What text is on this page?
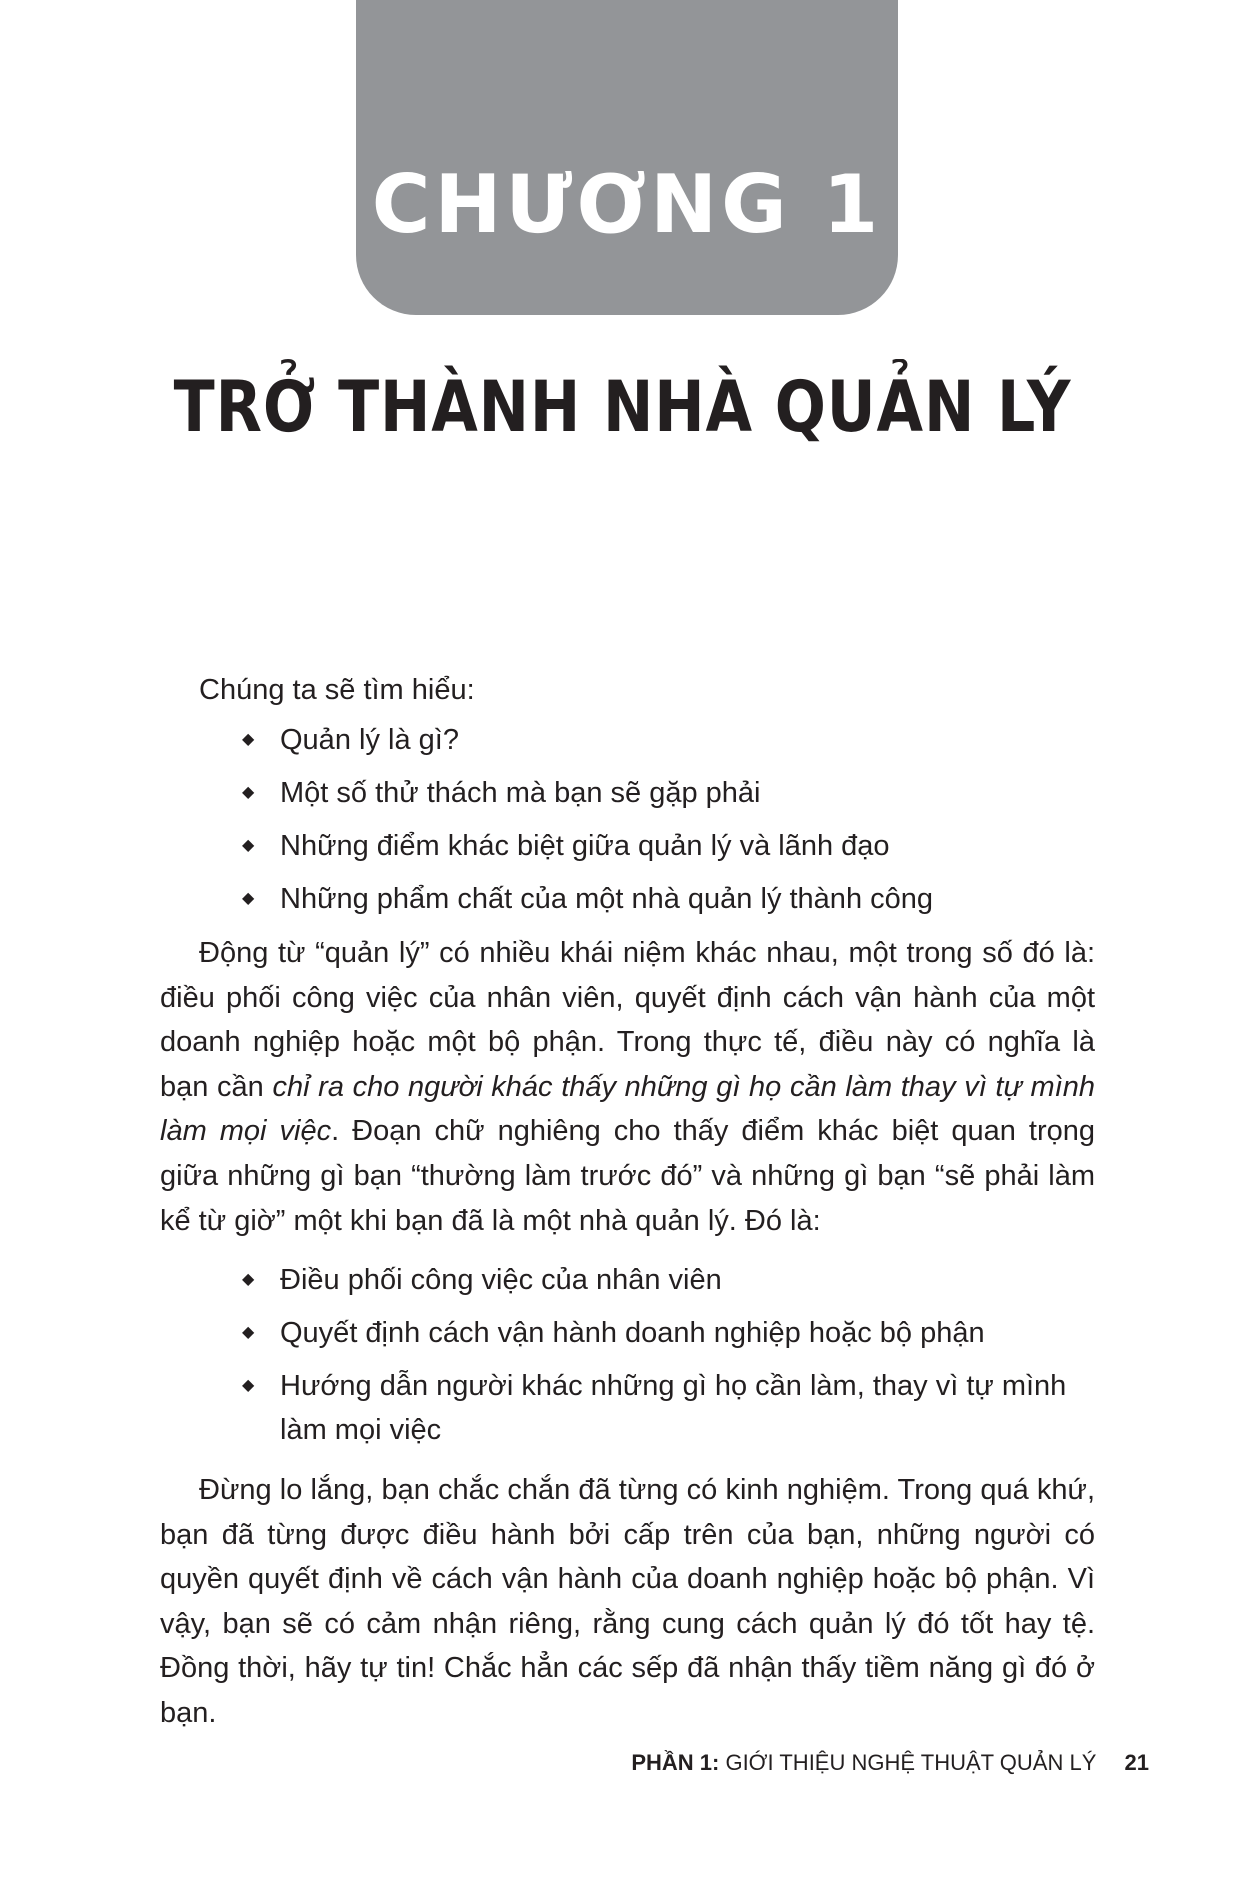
CHƯƠNG 1
TRỞ THÀNH NHÀ QUẢN LÝ
Chúng ta sẽ tìm hiểu:
◆ Quản lý là gì?
◆ Một số thử thách mà bạn sẽ gặp phải
◆ Những điểm khác biệt giữa quản lý và lãnh đạo
◆ Những phẩm chất của một nhà quản lý thành công

Động từ “quản lý” có nhiều khái niệm khác nhau, một trong số đó là: điều phối công việc của nhân viên, quyết định cách vận hành của một doanh nghiệp hoặc một bộ phận. Trong thực tế, điều này có nghĩa là bạn cần chỉ ra cho người khác thấy những gì họ cần làm thay vì tự mình làm mọi việc. Đoạn chữ nghiêng cho thấy điểm khác biệt quan trọng giữa những gì bạn “thường làm trước đó” và những gì bạn “sẽ phải làm kể từ giờ” một khi bạn đã là một nhà quản lý. Đó là:

◆ Điều phối công việc của nhân viên
◆ Quyết định cách vận hành doanh nghiệp hoặc bộ phận
◆ Hướng dẫn người khác những gì họ cần làm, thay vì tự mình làm mọi việc

Đừng lo lắng, bạn chắc chắn đã từng có kinh nghiệm. Trong quá khứ, bạn đã từng được điều hành bởi cấp trên của bạn, những người có quyền quyết định về cách vận hành của doanh nghiệp hoặc bộ phận. Vì vậy, bạn sẽ có cảm nhận riêng, rằng cung cách quản lý đó tốt hay tệ. Đồng thời, hãy tự tin! Chắc hẳn các sếp đã nhận thấy tiềm năng gì đó ở bạn.

PHẦN 1: GIỚI THIỆU NGHỆ THUẬT QUẢN LÝ 21
